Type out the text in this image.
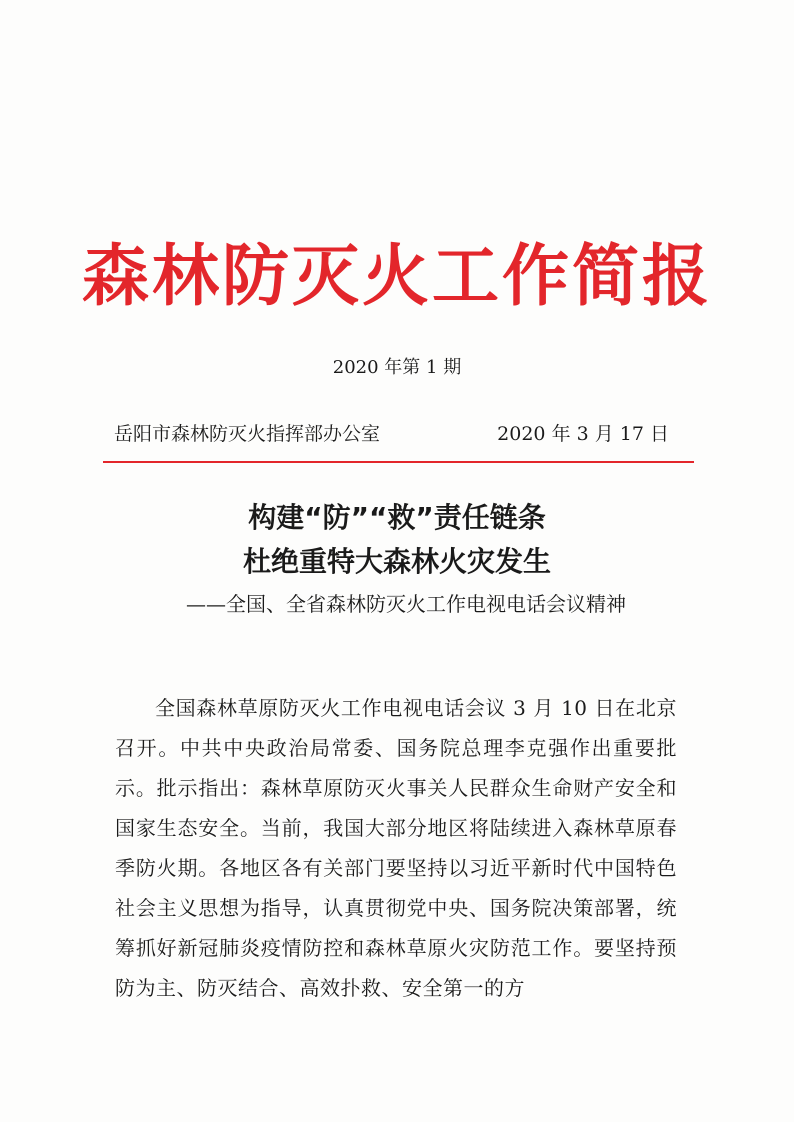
森林防灭火工作简报
2020 年第 1 期
岳阳市森林防灭火指挥部办公室	2020 年 3 月 17 日
构建“防”“救”责任链条
杜绝重特大森林火灾发生
——全国、全省森林防灭火工作电视电话会议精神

全国森林草原防灭火工作电视电话会议 3 月 10 日在北京召开。中共中央政治局常委、国务院总理李克强作出重要批示。批示指出：森林草原防灭火事关人民群众生命财产安全和国家生态安全。当前，我国大部分地区将陆续进入森林草原春季防火期。各地区各有关部门要坚持以习近平新时代中国特色社会主义思想为指导，认真贯彻党中央、国务院决策部署，统筹抓好新冠肺炎疫情防控和森林草原火灾防范工作。要坚持预防为主、防灭结合、高效扑救、安全第一的方
